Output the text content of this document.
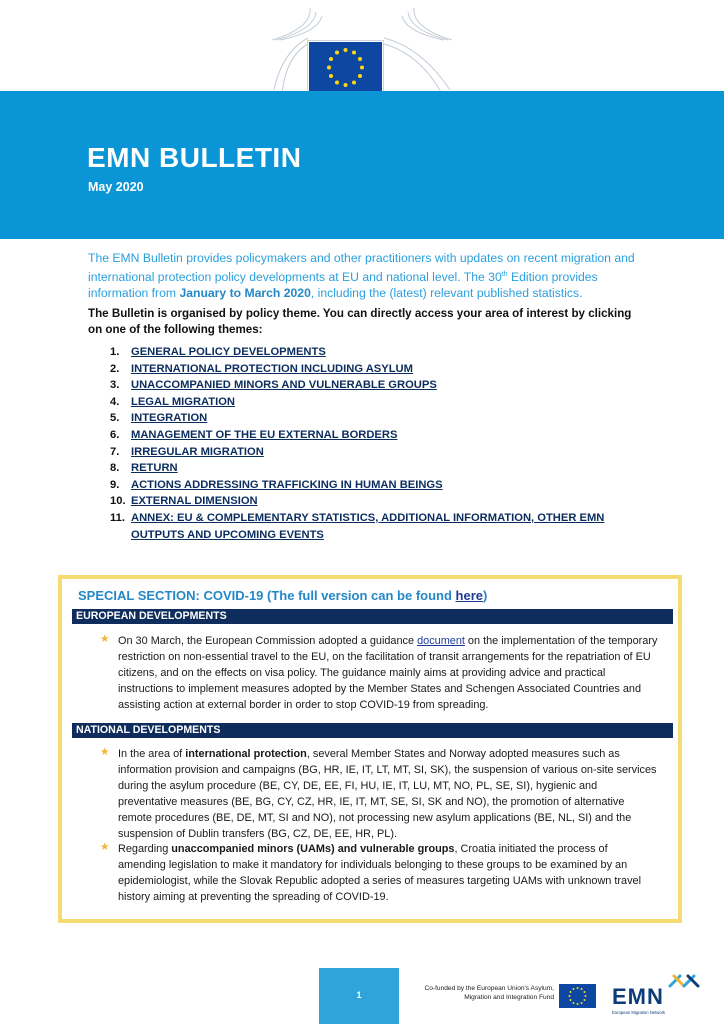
EMN BULLETIN
May 2020

The EMN Bulletin provides policymakers and other practitioners with updates on recent migration and international protection policy developments at EU and national level. The 30th Edition provides information from January to March 2020, including the (latest) relevant published statistics.

The Bulletin is organised by policy theme. You can directly access your area of interest by clicking on one of the following themes:

1.	GENERAL POLICY DEVELOPMENTS
2.	INTERNATIONAL PROTECTION INCLUDING ASYLUM
3.	UNACCOMPANIED MINORS AND VULNERABLE GROUPS
4.	LEGAL MIGRATION
5.	INTEGRATION
6.	MANAGEMENT OF THE EU EXTERNAL BORDERS
7.	IRREGULAR MIGRATION
8.	RETURN
9.	ACTIONS ADDRESSING TRAFFICKING IN HUMAN BEINGS
10. EXTERNAL DIMENSION
11. ANNEX: EU & COMPLEMENTARY STATISTICS, ADDITIONAL INFORMATION, OTHER EMN OUTPUTS AND UPCOMING EVENTS
SPECIAL SECTION: COVID-19 (The full version can be found here)
EUROPEAN DEVELOPMENTS
★ On 30 March, the European Commission adopted a guidance document on the implementation of the temporary restriction on non-essential travel to the EU, on the facilitation of transit arrangements for the repatriation of EU citizens, and on the effects on visa policy. The guidance mainly aims at providing advice and practical instructions to implement measures adopted by the Member States and Schengen Associated Countries and assisting action at external border in order to stop COVID-19 from spreading.

NATIONAL DEVELOPMENTS
★ In the area of international protection, several Member States and Norway adopted measures such as information provision and campaigns (BG, HR, IE, IT, LT, MT, SI, SK), the suspension of various on-site services during the asylum procedure (BE, CY, DE, EE, FI, HU, IE, IT, LU, MT, NO, PL, SE, SI), hygienic and preventative measures (BE, BG, CY, CZ, HR, IE, IT, MT, SE, SI, SK and NO), the promotion of alternative remote procedures (BE, DE, MT, SI and NO), not processing new asylum applications (BE, NL, SI) and the suspension of Dublin transfers (BG, CZ, DE, EE, HR, PL).

★ Regarding unaccompanied minors (UAMs) and vulnerable groups, Croatia initiated the process of amending legislation to make it mandatory for individuals belonging to these groups to be examined by an epidemiologist, while the Slovak Republic adopted a series of measures targeting UAMs with unknown travel history aiming at preventing the spreading of COVID-19.

1
Co-funded by the European Union's Asylum,
Migration and Integration Fund	EMN
European Migration Network
